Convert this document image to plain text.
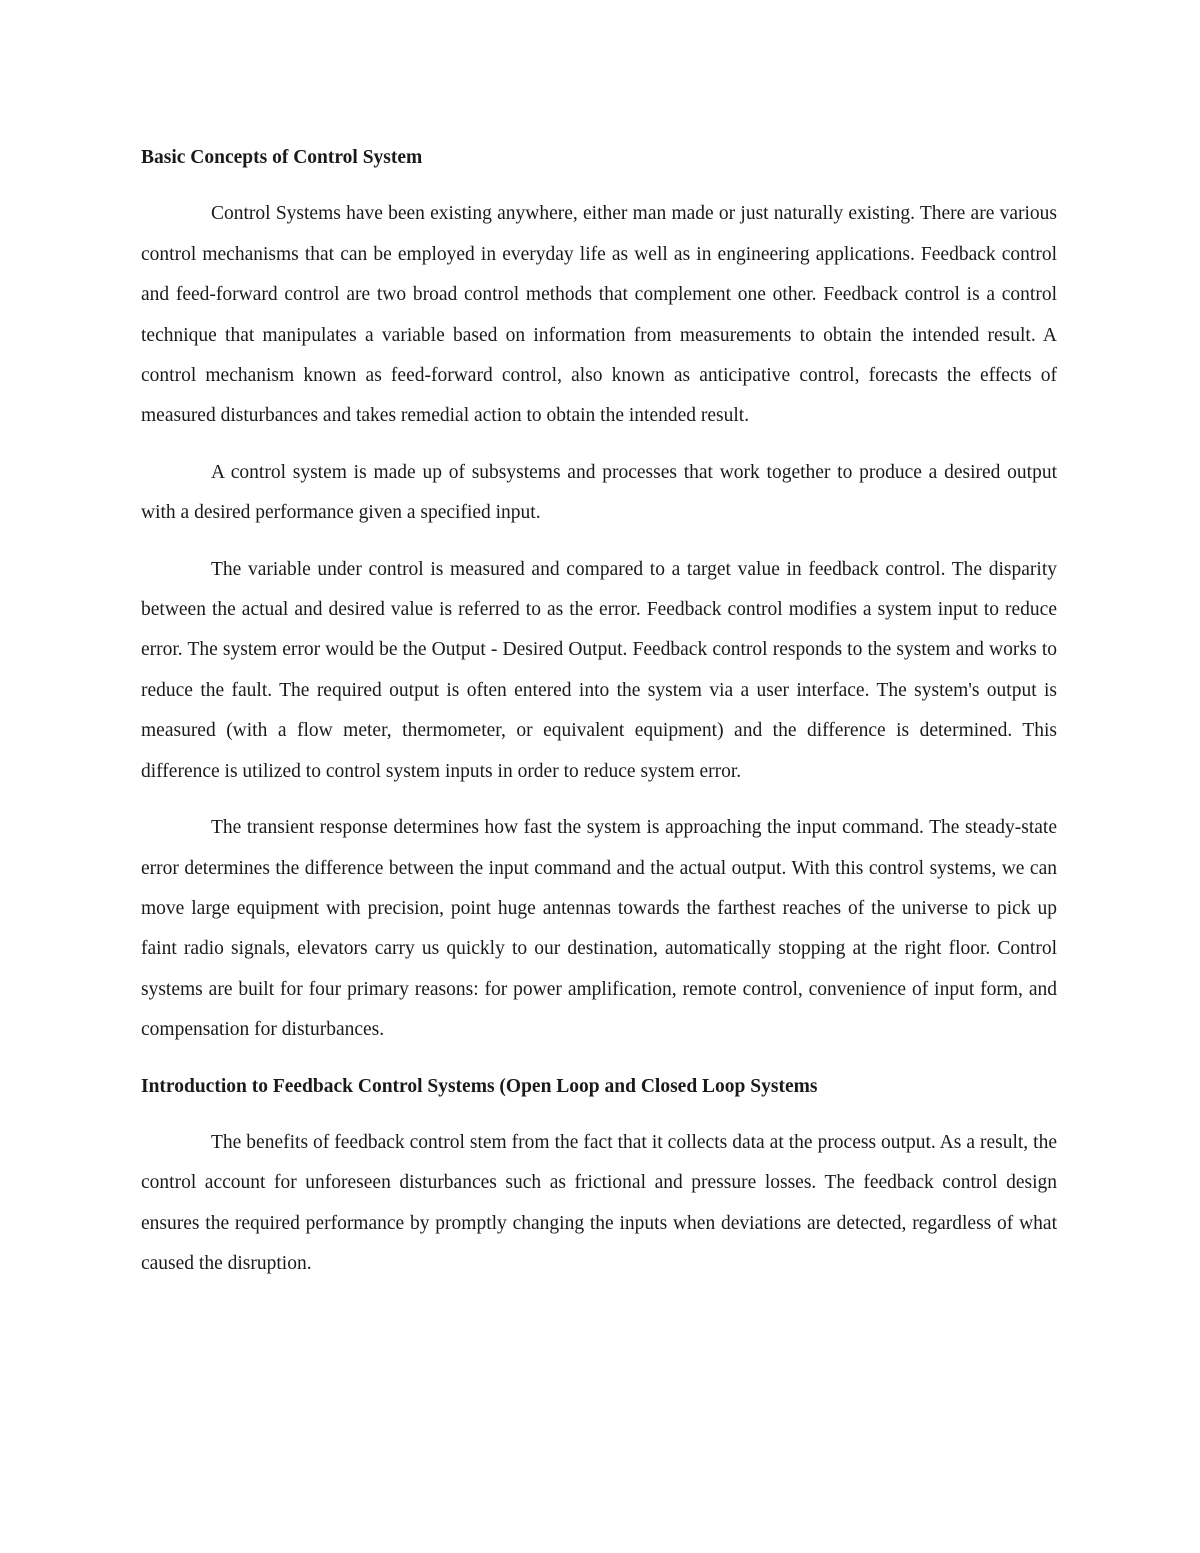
Basic Concepts of Control System

Control Systems have been existing anywhere, either man made or just naturally existing. There are various control mechanisms that can be employed in everyday life as well as in engineering applications. Feedback control and feed-forward control are two broad control methods that complement one other. Feedback control is a control technique that manipulates a variable based on information from measurements to obtain the intended result. A control mechanism known as feed-forward control, also known as anticipative control, forecasts the effects of measured disturbances and takes remedial action to obtain the intended result.

A control system is made up of subsystems and processes that work together to produce a desired output with a desired performance given a specified input.

The variable under control is measured and compared to a target value in feedback control. The disparity between the actual and desired value is referred to as the error. Feedback control modifies a system input to reduce error. The system error would be the Output - Desired Output. Feedback control responds to the system and works to reduce the fault. The required output is often entered into the system via a user interface. The system's output is measured (with a flow meter, thermometer, or equivalent equipment) and the difference is determined. This difference is utilized to control system inputs in order to reduce system error.

The transient response determines how fast the system is approaching the input command. The steady-state error determines the difference between the input command and the actual output. With this control systems, we can move large equipment with precision, point huge antennas towards the farthest reaches of the universe to pick up faint radio signals, elevators carry us quickly to our destination, automatically stopping at the right floor. Control systems are built for four primary reasons: for power amplification, remote control, convenience of input form, and compensation for disturbances.

Introduction to Feedback Control Systems (Open Loop and Closed Loop Systems

The benefits of feedback control stem from the fact that it collects data at the process output. As a result, the control account for unforeseen disturbances such as frictional and pressure losses. The feedback control design ensures the required performance by promptly changing the inputs when deviations are detected, regardless of what caused the disruption.
